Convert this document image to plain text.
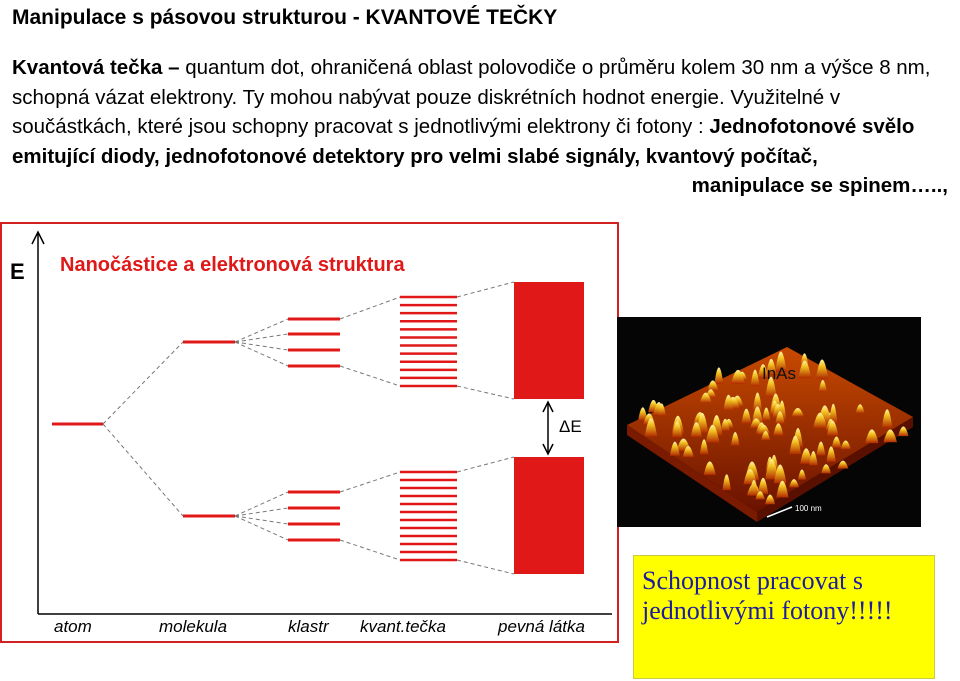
Manipulace s pásovou strukturou - KVANTOVÉ TEČKY
Kvantová tečka – quantum dot, ohraničená oblast polovodiče o průměru kolem 30 nm a výšce 8 nm, schopná vázat elektrony. Ty mohou nabývat pouze diskrétních hodnot energie. Využitelné v součástkách, které jsou schopny pracovat s jednotlivými elektrony či fotony : Jednofotonové svělo emitující diody, jednofotonové detektory pro velmi slabé signály, kvantový počítač,
manipulace se spinem…..,
E Nanočástice a elektronová struktura
ΔE
atom	molekula	klastr kvant.tečka	pevná látka
InAs
100 nm
Schopnost pracovat s jednotlivými fotony!!!!!
